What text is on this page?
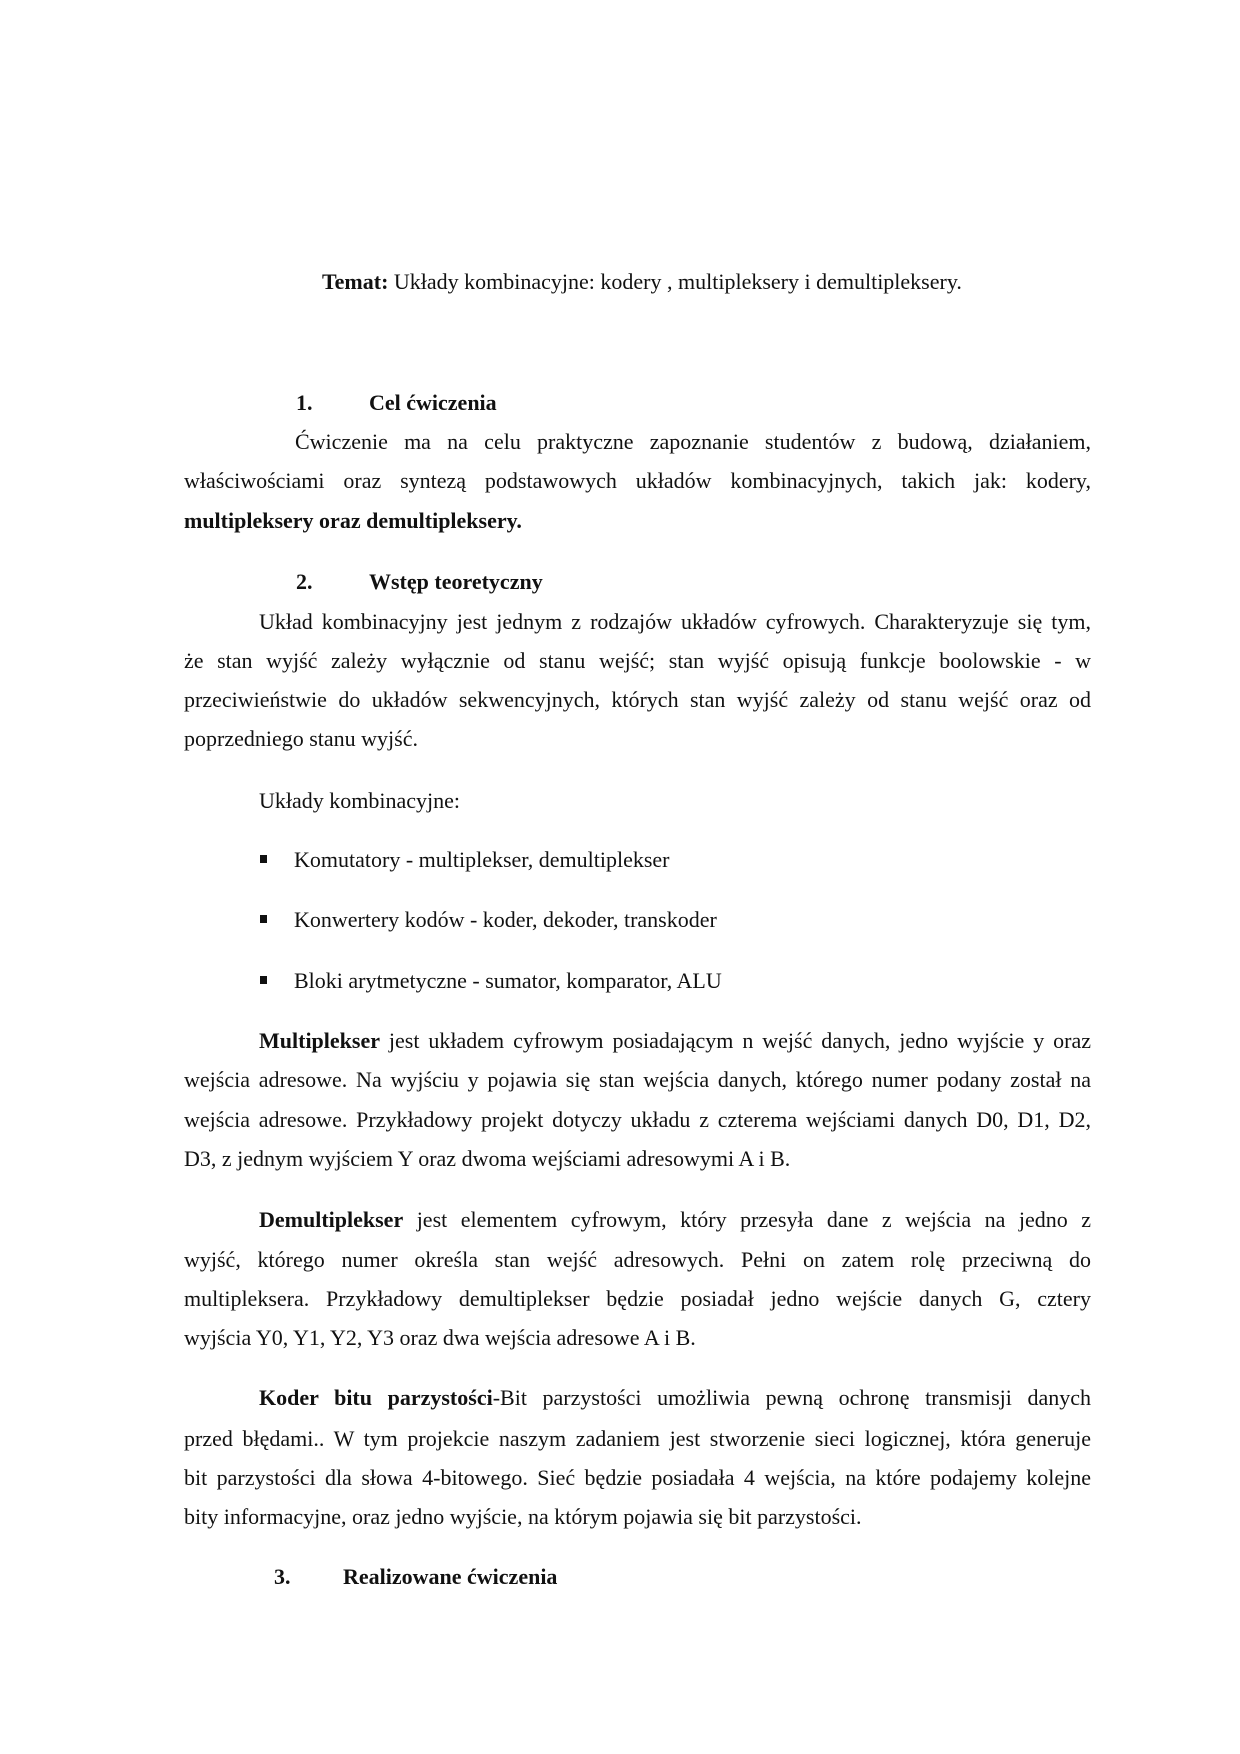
Temat: Układy kombinacyjne: kodery , multipleksery i demultipleksery.
1.	Cel ćwiczenia
Ćwiczenie ma na celu praktyczne zapoznanie studentów z budową, działaniem,
właściwościami oraz syntezą podstawowych układów kombinacyjnych, takich jak: kodery,
multipleksery oraz demultipleksery.
2.	Wstęp teoretyczny
Układ kombinacyjny jest jednym z rodzajów układów cyfrowych. Charakteryzuje się tym,
że stan wyjść zależy wyłącznie od stanu wejść; stan wyjść opisują funkcje boolowskie - w
przeciwieństwie do układów sekwencyjnych, których stan wyjść zależy od stanu wejść oraz od
poprzedniego stanu wyjść.
Układy kombinacyjne:
Komutatory - multiplekser, demultiplekser
Konwertery kodów - koder, dekoder, transkoder
Bloki arytmetyczne - sumator, komparator, ALU
Multiplekser jest układem cyfrowym posiadającym n wejść danych, jedno wyjście y oraz
wejścia adresowe. Na wyjściu y pojawia się stan wejścia danych, którego numer podany został na
wejścia adresowe. Przykładowy projekt dotyczy układu z czterema wejściami danych D0, D1, D2,
D3, z jednym wyjściem Y oraz dwoma wejściami adresowymi A i B.
Demultiplekser jest elementem cyfrowym, który przesyła dane z wejścia na jedno z
wyjść, którego numer określa stan wejść adresowych. Pełni on zatem rolę przeciwną do
multipleksera. Przykładowy demultiplekser będzie posiadał jedno wejście danych G, cztery
wyjścia Y0, Y1, Y2, Y3 oraz dwa wejścia adresowe A i B.
Koder bitu parzystości-Bit parzystości umożliwia pewną ochronę transmisji danych
przed błędami.. W tym projekcie naszym zadaniem jest stworzenie sieci logicznej, która generuje
bit parzystości dla słowa 4-bitowego. Sieć będzie posiadała 4 wejścia, na które podajemy kolejne
bity informacyjne, oraz jedno wyjście, na którym pojawia się bit parzystości.
3. Realizowane ćwiczenia
